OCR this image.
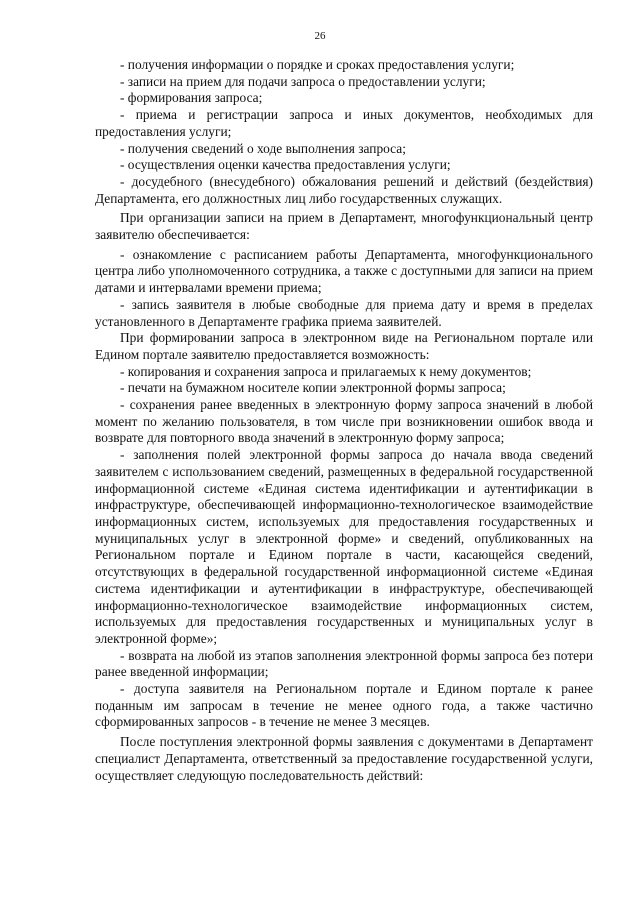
26

- получения информации о порядке и сроках предоставления услуги;

- записи на прием для подачи запроса о предоставлении услуги;

- формирования запроса;

- приема и регистрации запроса и иных документов, необходимых для предоставления услуги;

- получения сведений о ходе выполнения запроса;

- осуществления оценки качества предоставления услуги;

- досудебного (внесудебного) обжалования решений и действий (бездействия) Департамента, его должностных лиц либо государственных служащих.

При организации записи на прием в Департамент, многофункциональный центр заявителю обеспечивается:

- ознакомление с расписанием работы Департамента, многофункционального центра либо уполномоченного сотрудника, а также с доступными для записи на прием датами и интервалами времени приема;

- запись заявителя в любые свободные для приема дату и время в пределах установленного в Департаменте графика приема заявителей.

При формировании запроса в электронном виде на Региональном портале или Едином портале заявителю предоставляется возможность:

- копирования и сохранения запроса и прилагаемых к нему документов;

- печати на бумажном носителе копии электронной формы запроса;

- сохранения ранее введенных в электронную форму запроса значений в любой момент по желанию пользователя, в том числе при возникновении ошибок ввода и возврате для повторного ввода значений в электронную форму запроса;

- заполнения полей электронной формы запроса до начала ввода сведений заявителем с использованием сведений, размещенных в федеральной государственной информационной системе «Единая система идентификации и аутентификации в инфраструктуре, обеспечивающей информационно-технологическое взаимодействие информационных систем, используемых для предоставления государственных и муниципальных услуг в электронной форме» и сведений, опубликованных на Региональном портале и Едином портале в части, касающейся сведений, отсутствующих в федеральной государственной информационной системе «Единая система идентификации и аутентификации в инфраструктуре, обеспечивающей информационно-технологическое взаимодействие информационных систем, используемых для предоставления государственных и муниципальных услуг в электронной форме»;

- возврата на любой из этапов заполнения электронной формы запроса без потери ранее введенной информации;

- доступа заявителя на Региональном портале и Едином портале к ранее поданным им запросам в течение не менее одного года, а также частично сформированных запросов - в течение не менее 3 месяцев.

После поступления электронной формы заявления с документами в Департамент специалист Департамента, ответственный за предоставление государственной услуги, осуществляет следующую последовательность действий:
